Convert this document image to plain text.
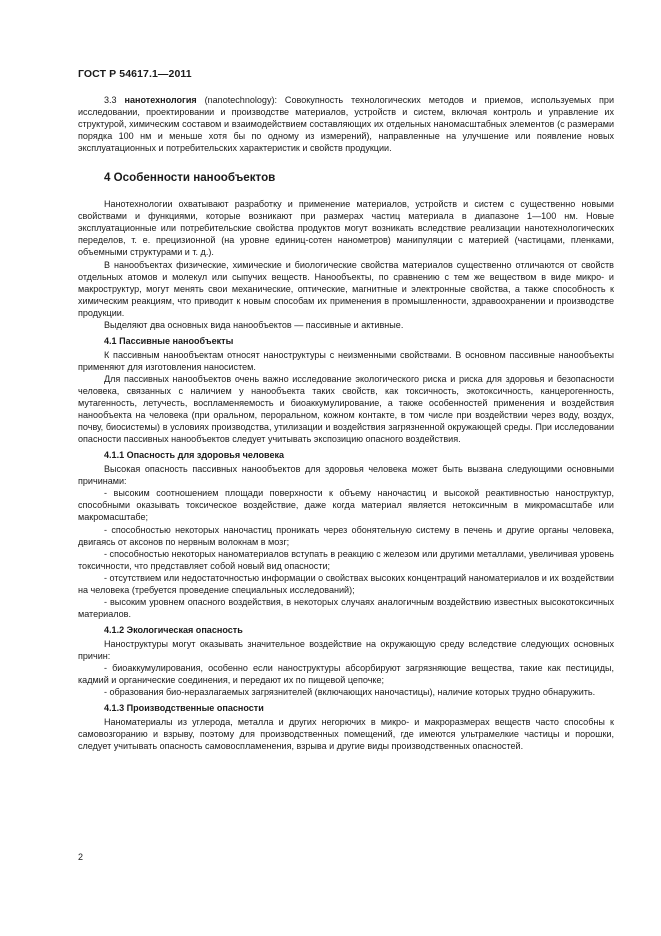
ГОСТ Р 54617.1—2011

3.3 нанотехнология (nanotechnology): Совокупность технологических методов и приемов, используемых при исследовании, проектировании и производстве материалов, устройств и систем, включая контроль и управление их структурой, химическим составом и взаимодействием составляющих их отдельных наномасштабных элементов (с размерами порядка 100 нм и меньше хотя бы по одному из измерений), направленные на улучшение или появление новых эксплуатационных и потребительских характеристик и свойств продукции.

4 Особенности нанообъектов

Нанотехнологии охватывают разработку и применение материалов, устройств и систем с существенно новыми свойствами и функциями, которые возникают при размерах частиц материала в диапазоне 1—100 нм. Новые эксплуатационные или потребительские свойства продуктов могут возникать вследствие реализации нанотехнологических переделов, т. е. прецизионной (на уровне единиц-сотен нанометров) манипуляции с материей (частицами, пленками, объемными структурами и т. д.).

В нанообъектах физические, химические и биологические свойства материалов существенно отличаются от свойств отдельных атомов и молекул или сыпучих веществ. Нанообъекты, по сравнению с тем же веществом в виде микро- и макроструктур, могут менять свои механические, оптические, магнитные и электронные свойства, а также способность к химическим реакциям, что приводит к новым способам их применения в промышленности, здравоохранении и производстве продукции.

Выделяют два основных вида нанообъектов — пассивные и активные.

4.1 Пассивные нанообъекты

К пассивным нанообъектам относят наноструктуры с неизменными свойствами. В основном пассивные нанообъекты применяют для изготовления наносистем.

Для пассивных нанообъектов очень важно исследование экологического риска и риска для здоровья и безопасности человека, связанных с наличием у нанообъекта таких свойств, как токсичность, экотоксичность, канцерогенность, мутагенность, летучесть, воспламеняемость и биоаккумулирование, а также особенностей применения и воздействия нанообъекта на человека (при оральном, пероральном, кожном контакте, в том числе при воздействии через воду, воздух, почву, биосистемы) в условиях производства, утилизации и воздействия загрязненной окружающей среды. При исследовании опасности пассивных нанообъектов следует учитывать экспозицию опасного воздействия.

4.1.1 Опасность для здоровья человека

Высокая опасность пассивных нанообъектов для здоровья человека может быть вызвана следующими основными причинами:

- высоким соотношением площади поверхности к объему наночастиц и высокой реактивностью наноструктур, способными оказывать токсическое воздействие, даже когда материал является нетоксичным в микромасштабе или макромасштабе;

- способностью некоторых наночастиц проникать через обонятельную систему в печень и другие органы человека, двигаясь от аксонов по нервным волокнам в мозг;

- способностью некоторых наноматериалов вступать в реакцию с железом или другими металлами, увеличивая уровень токсичности, что представляет собой новый вид опасности;

- отсутствием или недостаточностью информации о свойствах высоких концентраций наноматериалов и их воздействии на человека (требуется проведение специальных исследований);

- высоким уровнем опасного воздействия, в некоторых случаях аналогичным воздействию известных высокотоксичных материалов.

4.1.2 Экологическая опасность

Наноструктуры могут оказывать значительное воздействие на окружающую среду вследствие следующих основных причин:

- биоаккумулирования, особенно если наноструктуры абсорбируют загрязняющие вещества, такие как пестициды, кадмий и органические соединения, и передают их по пищевой цепочке;

- образования био-неразлагаемых загрязнителей (включающих наночастицы), наличие которых трудно обнаружить.

4.1.3 Производственные опасности

Наноматериалы из углерода, металла и других негорючих в микро- и макроразмерах веществ часто способны к самовозгоранию и взрыву, поэтому для производственных помещений, где имеются ультрамелкие частицы и порошки, следует учитывать опасность самовоспламенения, взрыва и другие виды производственных опасностей.

2
